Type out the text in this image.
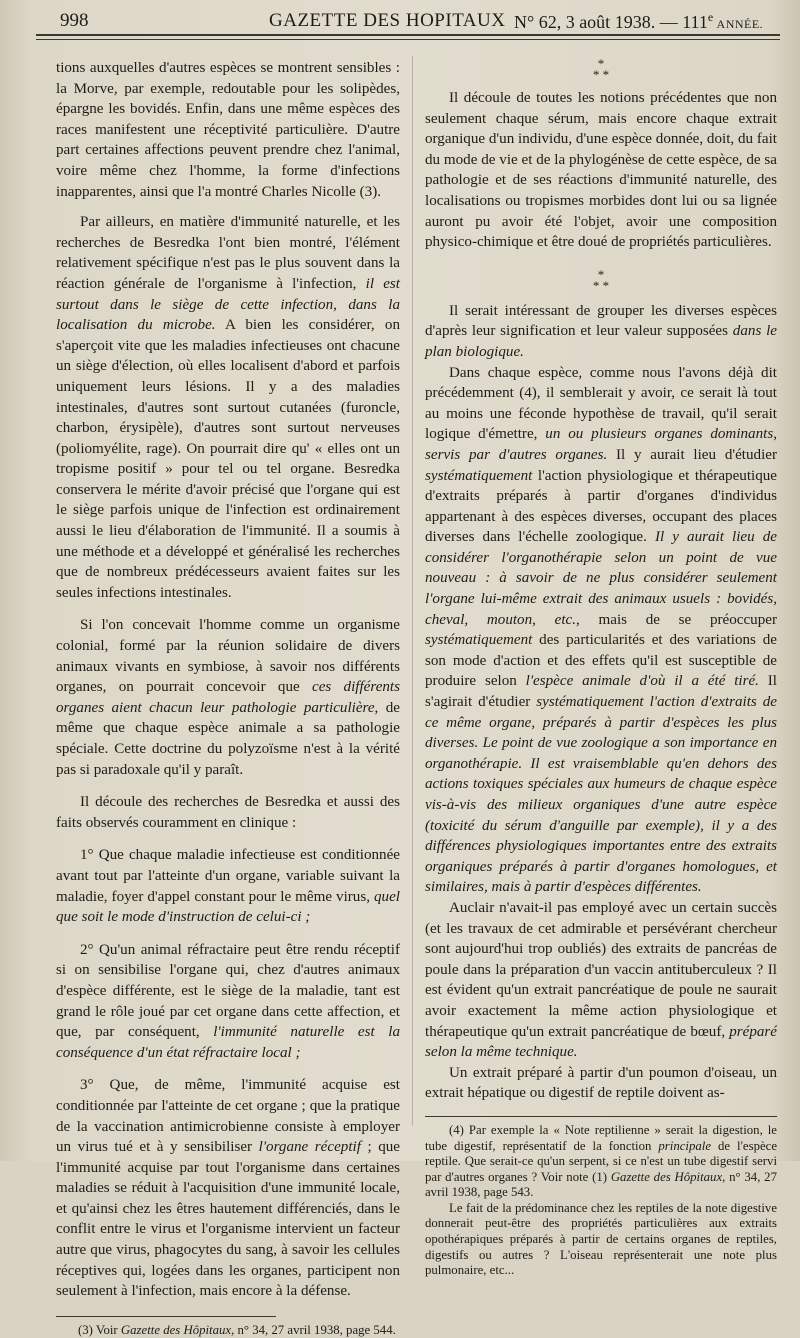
998	GAZETTE DES HOPITAUX N° 62, 3 août 1938. — 111e ANNÉE.

tions auxquelles d'autres espèces se montrent sensibles : la Morve, par exemple, redoutable pour les solipèdes, épargne les bovidés. Enfin, dans une même espèces des races manifestent une réceptivité particulière. D'autre part certaines affections peuvent prendre chez l'animal, voire même chez l'homme, la forme d'infections inapparentes, ainsi que l'a montré Charles Nicolle (3).

Par ailleurs, en matière d'immunité naturelle, et les recherches de Besredka l'ont bien montré, l'élément relativement spécifique n'est pas le plus souvent dans la réaction générale de l'organisme à l'infection, il est surtout dans le siège de cette infection, dans la localisation du microbe. A bien les considérer, on s'aperçoit vite que les maladies infectieuses ont chacune un siège d'élection, où elles localisent d'abord et parfois uniquement leurs lésions. Il y a des maladies intestinales, d'autres sont surtout cutanées (furoncle, charbon, érysipèle), d'autres sont surtout nerveuses (poliomyélite, rage). On pourrait dire qu' « elles ont un tropisme positif » pour tel ou tel organe. Besredka conservera le mérite d'avoir précisé que l'organe qui est le siège parfois unique de l'infection est ordinairement aussi le lieu d'élaboration de l'immunité. Il a soumis à une méthode et a développé et généralisé les recherches que de nombreux prédécesseurs avaient faites sur les seules infections intestinales.

Si l'on concevait l'homme comme un organisme colonial, formé par la réunion solidaire de divers animaux vivants en symbiose, à savoir nos différents organes, on pourrait concevoir que ces différents organes aient chacun leur pathologie particulière, de même que chaque espèce animale a sa pathologie spéciale. Cette doctrine du polyzoïsme n'est à la vérité pas si paradoxale qu'il y paraît.

Il découle des recherches de Besredka et aussi des faits observés couramment en clinique :

1° Que chaque maladie infectieuse est conditionnée avant tout par l'atteinte d'un organe, variable suivant la maladie, foyer d'appel constant pour le même virus, quel que soit le mode d'instruction de celui-ci ;

2° Qu'un animal réfractaire peut être rendu réceptif si on sensibilise l'organe qui, chez d'autres animaux d'espèce différente, est le siège de la maladie, tant est grand le rôle joué par cet organe dans cette affection, et que, par conséquent, l'immunité naturelle est la conséquence d'un état réfractaire local ;

3° Que, de même, l'immunité acquise est conditionnée par l'atteinte de cet organe ; que la pratique de la vaccination antimicrobienne consiste à employer un virus tué et à y sensibiliser l'organe réceptif ; que l'immunité acquise par tout l'organisme dans certaines maladies se réduit à l'acquisition d'une immunité locale, et qu'ainsi chez les êtres hautement différenciés, dans le conflit entre le virus et l'organisme intervient un facteur autre que virus, phagocytes du sang, à savoir les cellules réceptives qui, logées dans les organes, participent non seulement à l'infection, mais encore à la défense.

(3) Voir Gazette des Hôpitaux, n° 34, 27 avril 1938, page 544.

*
* *

Il découle de toutes les notions précédentes que non seulement chaque sérum, mais encore chaque extrait organique d'un individu, d'une espèce donnée, doit, du fait du mode de vie et de la phylogénèse de cette espèce, de sa pathologie et de ses réactions d'immunité naturelle, des localisations ou tropismes morbides dont lui ou sa lignée auront pu avoir été l'objet, avoir une composition physico-chimique et être doué de propriétés particulières.

*
* *

Il serait intéressant de grouper les diverses espèces d'après leur signification et leur valeur supposées dans le plan biologique.

Dans chaque espèce, comme nous l'avons déjà dit précédemment (4), il semblerait y avoir, ce serait là tout au moins une féconde hypothèse de travail, qu'il serait logique d'émettre, un ou plusieurs organes dominants, servis par d'autres organes. Il y aurait lieu d'étudier systématiquement l'action physiologique et thérapeutique d'extraits préparés à partir d'organes d'individus appartenant à des espèces diverses, occupant des places diverses dans l'échelle zoologique. Il y aurait lieu de considérer l'organothérapie selon un point de vue nouveau : à savoir de ne plus considérer seulement l'organe lui-même extrait des animaux usuels : bovidés, cheval, mouton, etc., mais de se préoccuper systématiquement des particularités et des variations de son mode d'action et des effets qu'il est susceptible de produire selon l'espèce animale d'où il a été tiré. Il s'agirait d'étudier systématiquement l'action d'extraits de ce même organe, préparés à partir d'espèces les plus diverses. Le point de vue zoologique a son importance en organothérapie. Il est vraisemblable qu'en dehors des actions toxiques spéciales aux humeurs de chaque espèce vis-à-vis des milieux organiques d'une autre espèce (toxicité du sérum d'anguille par exemple), il y a des différences physiologiques importantes entre des extraits organiques préparés à partir d'organes homologues, et similaires, mais à partir d'espèces différentes.

Auclair n'avait-il pas employé avec un certain succès (et les travaux de cet admirable et persévérant chercheur sont aujourd'hui trop oubliés) des extraits de pancréas de poule dans la préparation d'un vaccin antituberculeux ? Il est évident qu'un extrait pancréatique de poule ne saurait avoir exactement la même action physiologique et thérapeutique qu'un extrait pancréatique de bœuf, préparé selon la même technique.

Un extrait préparé à partir d'un poumon d'oiseau, un extrait hépatique ou digestif de reptile doivent as-

(4) Par exemple la « Note reptilienne » serait la digestion, le tube digestif, représentatif de la fonction principale de l'espèce reptile. Que serait-ce qu'un serpent, si ce n'est un tube digestif servi par d'autres organes ? Voir note (1) Gazette des Hôpitaux, n° 34, 27 avril 1938, page 543.

Le fait de la prédominance chez les reptiles de la note digestive donnerait peut-être des propriétés particulières aux extraits opothérapiques préparés à partir de certains organes de reptiles, digestifs ou autres ? L'oiseau représenterait une note plus pulmonaire, etc...
